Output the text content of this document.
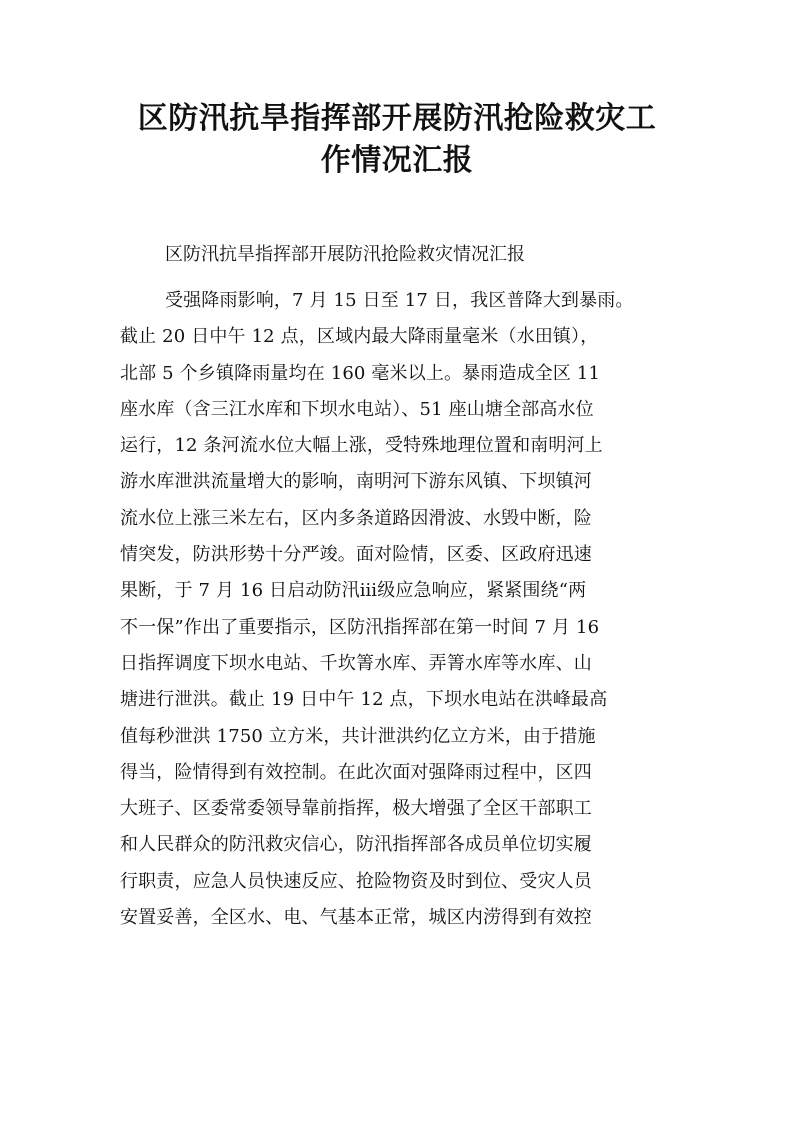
区防汛抗旱指挥部开展防汛抢险救灾工
作情况汇报

区防汛抗旱指挥部开展防汛抢险救灾情况汇报

受强降雨影响，7 月 15 日至 17 日，我区普降大到暴雨。
截止 20 日中午 12 点，区域内最大降雨量毫米（水田镇），
北部 5 个乡镇降雨量均在 160 毫米以上。暴雨造成全区 11
座水库（含三江水库和下坝水电站）、51 座山塘全部高水位
运行，12 条河流水位大幅上涨，受特殊地理位置和南明河上
游水库泄洪流量增大的影响，南明河下游东风镇、下坝镇河
流水位上涨三米左右，区内多条道路因滑波、水毁中断，险
情突发，防洪形势十分严竣。面对险情，区委、区政府迅速
果断，于 7 月 16 日启动防汛ⅲ级应急响应，紧紧围绕“两
不一保”作出了重要指示，区防汛指挥部在第一时间 7 月 16
日指挥调度下坝水电站、千坎箐水库、弄箐水库等水库、山
塘进行泄洪。截止 19 日中午 12 点，下坝水电站在洪峰最高
值每秒泄洪 1750 立方米，共计泄洪约亿立方米，由于措施
得当，险情得到有效控制。在此次面对强降雨过程中，区四
大班子、区委常委领导靠前指挥，极大增强了全区干部职工
和人民群众的防汛救灾信心，防汛指挥部各成员单位切实履
行职责，应急人员快速反应、抢险物资及时到位、受灾人员
安置妥善，全区水、电、气基本正常，城区内涝得到有效控
